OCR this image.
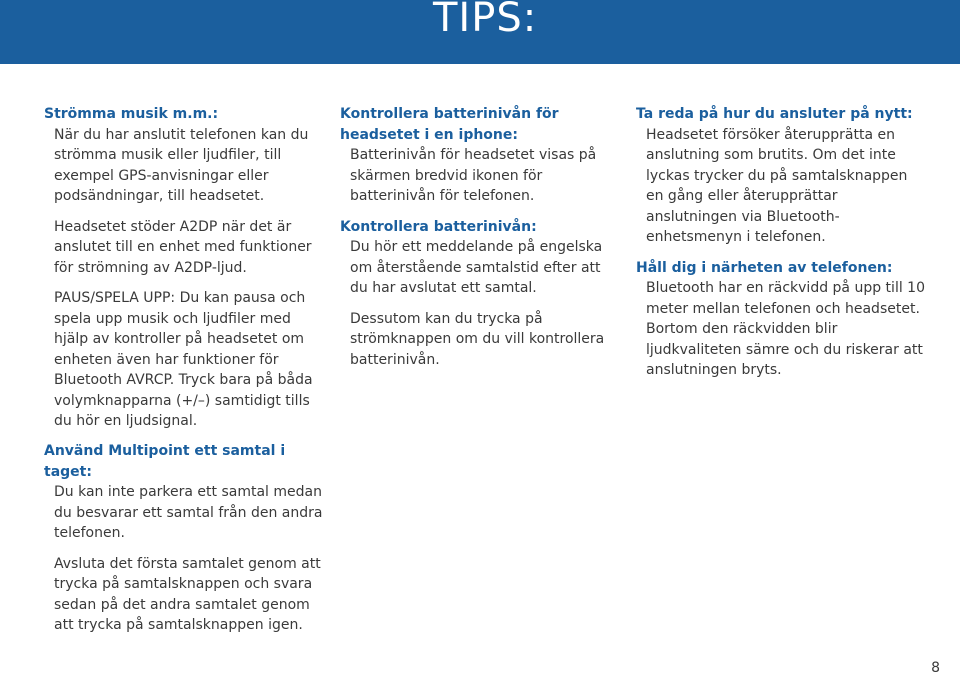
TIPS:

Strömma musik m.m.:

När du har anslutit telefonen kan du strömma musik eller ljudfiler, till exempel GPS-anvisningar eller podsändningar, till headsetet.

Headsetet stöder A2DP när det är anslutet till en enhet med funktioner för strömning av A2DP-ljud.

PAUS/SPELA UPP: Du kan pausa och spela upp musik och ljudfiler med hjälp av kontroller på headsetet om enheten även har funktioner för Bluetooth AVRCP. Tryck bara på båda volymknapparna (+/–) samtidigt tills du hör en ljudsignal.

Kontrollera batterinivån för headsetet i en iphone:

Batterinivån för headsetet visas på skärmen bredvid ikonen för batterinivån för telefonen.

Kontrollera batterinivån:

Du hör ett meddelande på engelska om återstående samtalstid efter att du har avslutat ett samtal.

Dessutom kan du trycka på strömknappen om du vill kontrollera batterinivån.

Ta reda på hur du ansluter på nytt:

Headsetet försöker återupprätta en anslutning som brutits. Om det inte lyckas trycker du på samtalsknappen en gång eller återupprättar anslutningen via Bluetooth-enhetsmenyn i telefonen.

Håll dig i närheten av telefonen:

Bluetooth har en räckvidd på upp till 10 meter mellan telefonen och headsetet. Bortom den räckvidden blir ljudkvaliteten sämre och du riskerar att anslutningen bryts.

Använd Multipoint ett samtal i taget:

Du kan inte parkera ett samtal medan du besvarar ett samtal från den andra telefonen.

Avsluta det första samtalet genom att trycka på samtalsknappen och svara sedan på det andra samtalet genom att trycka på samtalsknappen igen.

8
